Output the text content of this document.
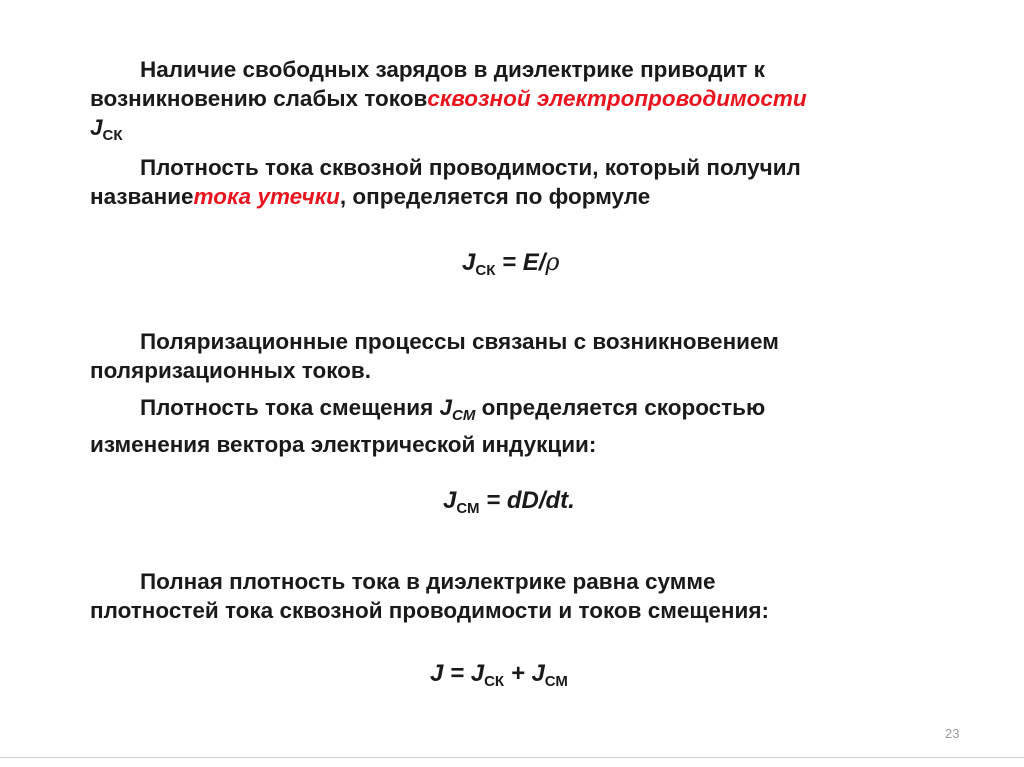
Наличие свободных зарядов в диэлектрике приводит к
возникновению слабых токовсквозной электропроводимости
$J_{СК}$
Плотность тока сквозной проводимости, который получил
названиетока утечки, определяется по формуле
Поляризационные процессы связаны с возникновением
поляризационных токов.
Плотность тока смещения $J_{СМ}$ определяется скоростью
изменения вектора электрической индукции:
Полная плотность тока в диэлектрике равна сумме
плотностей тока сквозной проводимости и токов смещения:
$J_{СК} = E/\rho$
$J_{СМ} = dD/dt$.
$J = J_{СК} + J_{СМ}$
23
